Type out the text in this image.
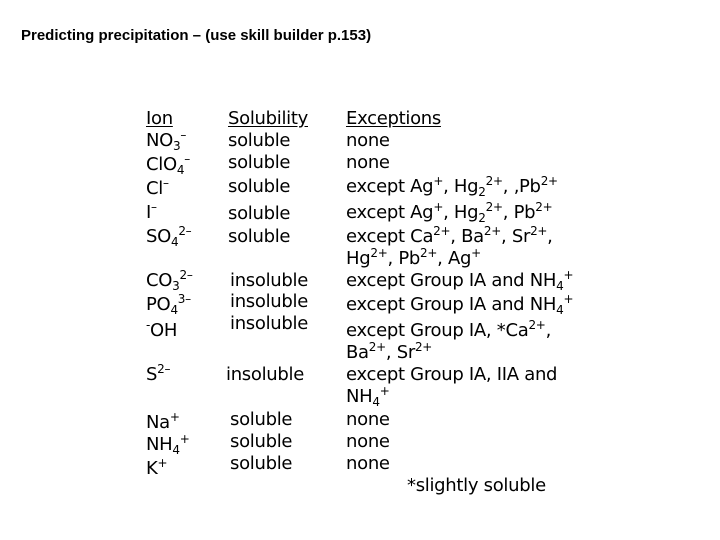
Predicting precipitation – (use skill builder p.153)
Ion	Solubility Exceptions
$NO_3^-$
ClO$_4$–
Cl–
I–
$SO_4^{2-}$
$CO_3^{2-}$
$PO_4^{3-}$
-OH
$S^{2-}$
Na+
$NH_4^+$
K+
soluble
soluble
soluble
soluble
soluble
insoluble
insoluble
insoluble
insoluble
soluble
soluble
soluble
none
none
except Ag+, $Hg_2^{2+}$, $‚Pb^{2+}$
except Ag+, $Hg_2^{2+}$, $Pb^{2+}$
except $Ca^{2+}$, $Ba^{2+}$, $Sr^{2+}$,
$Hg^{2+}$, $Pb^{2+}$, Ag+
except Group IA and $NH_4^+$
except Group IA and $NH_4^+$
except Group IA, $*Ca^{2+}$,
$Ba^{2+}$, $Sr^{2+}$
except Group IA, IIA and
$NH_4^+$
none
none
none
*slightly soluble
